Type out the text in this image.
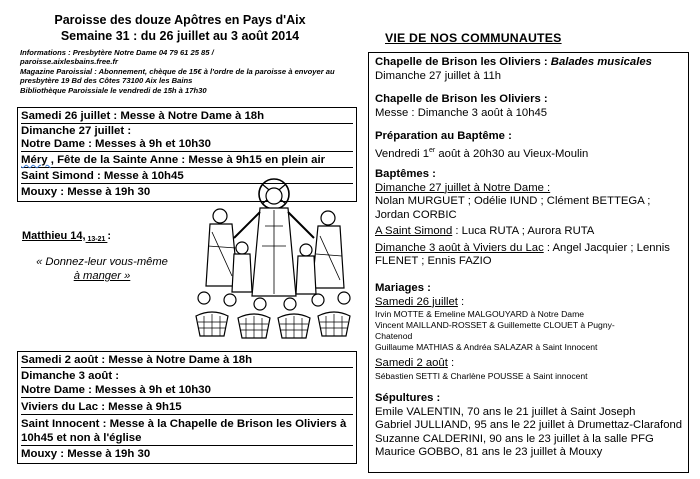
Paroisse des douze Apôtres en Pays d'Aix
Semaine 31 : du 26 juillet au 3 août 2014
Informations : Presbytère Notre Dame 04 79 61 25 85 /
paroisse.aixlesbains.free.fr
Magazine Paroissial : Abonnement, chèque de 15€ à l'ordre de la paroisse à envoyer au
presbytère 19 Bd des Côtes 73100 Aix les Bains
Bibliothèque Paroissiale le vendredi de 15h à 17h30
Samedi 26 juillet : Messe à Notre Dame à 18h
Dimanche 27 juillet :
Notre Dame : Messes à 9h et 10h30
Méry , Fête de la Sainte Anne : Messe à 9h15 en plein air
Saint Simond : Messe à 10h45
Mouxy : Messe à 19h 30
Matthieu 14, $_{13-21}$ :
« Donnez-leur vous-même
à manger »
Samedi 2 août : Messe à Notre Dame à 18h
Dimanche 3 août :
Notre Dame : Messes à 9h et 10h30
Viviers du Lac : Messe à 9h15
Saint Innocent : Messe à la Chapelle de Brison les Oliviers à
10h45 et non à l'église
Mouxy : Messe à 19h 30
VIE DE NOS COMMUNAUTES
Chapelle de Brison les Oliviers : Balades musicales
Dimanche 27 juillet à 11h
Chapelle de Brison les Oliviers :
Messe : Dimanche 3 août à 10h45
Préparation au Baptême :
Vendredi 1er août à 20h30 au Vieux-Moulin
Baptêmes :
Dimanche 27 juillet à Notre Dame :
Nolan MURGUET ; Odélie IUND ; Clément BETTEGA ;
Jordan CORBIC
A Saint Simond : Luca RUTA ; Aurora RUTA
Dimanche 3 août à Viviers du Lac : Angel Jacquier ; Lennis
FLENET ; Ennis FAZIO
Mariages :
Samedi 26 juillet :
Irvin MOTTE & Emeline MALGOUYARD à Notre Dame
Vincent MAILLAND-ROSSET & Guillemette CLOUET à Pugny-
Chatenod
Guillaume MATHIAS & Andréa SALAZAR à Saint Innocent
Samedi 2 août :
Sébastien SETTI & Charlène POUSSE à Saint innocent
Sépultures :
Emile VALENTIN, 70 ans le 21 juillet à Saint Joseph
Gabriel JULLIAND, 95 ans le 22 juillet à Drumettaz-Clarafond
Suzanne CALDERINI, 90 ans le 23 juillet à la salle PFG
Maurice GOBBO, 81 ans le 23 juillet à Mouxy
